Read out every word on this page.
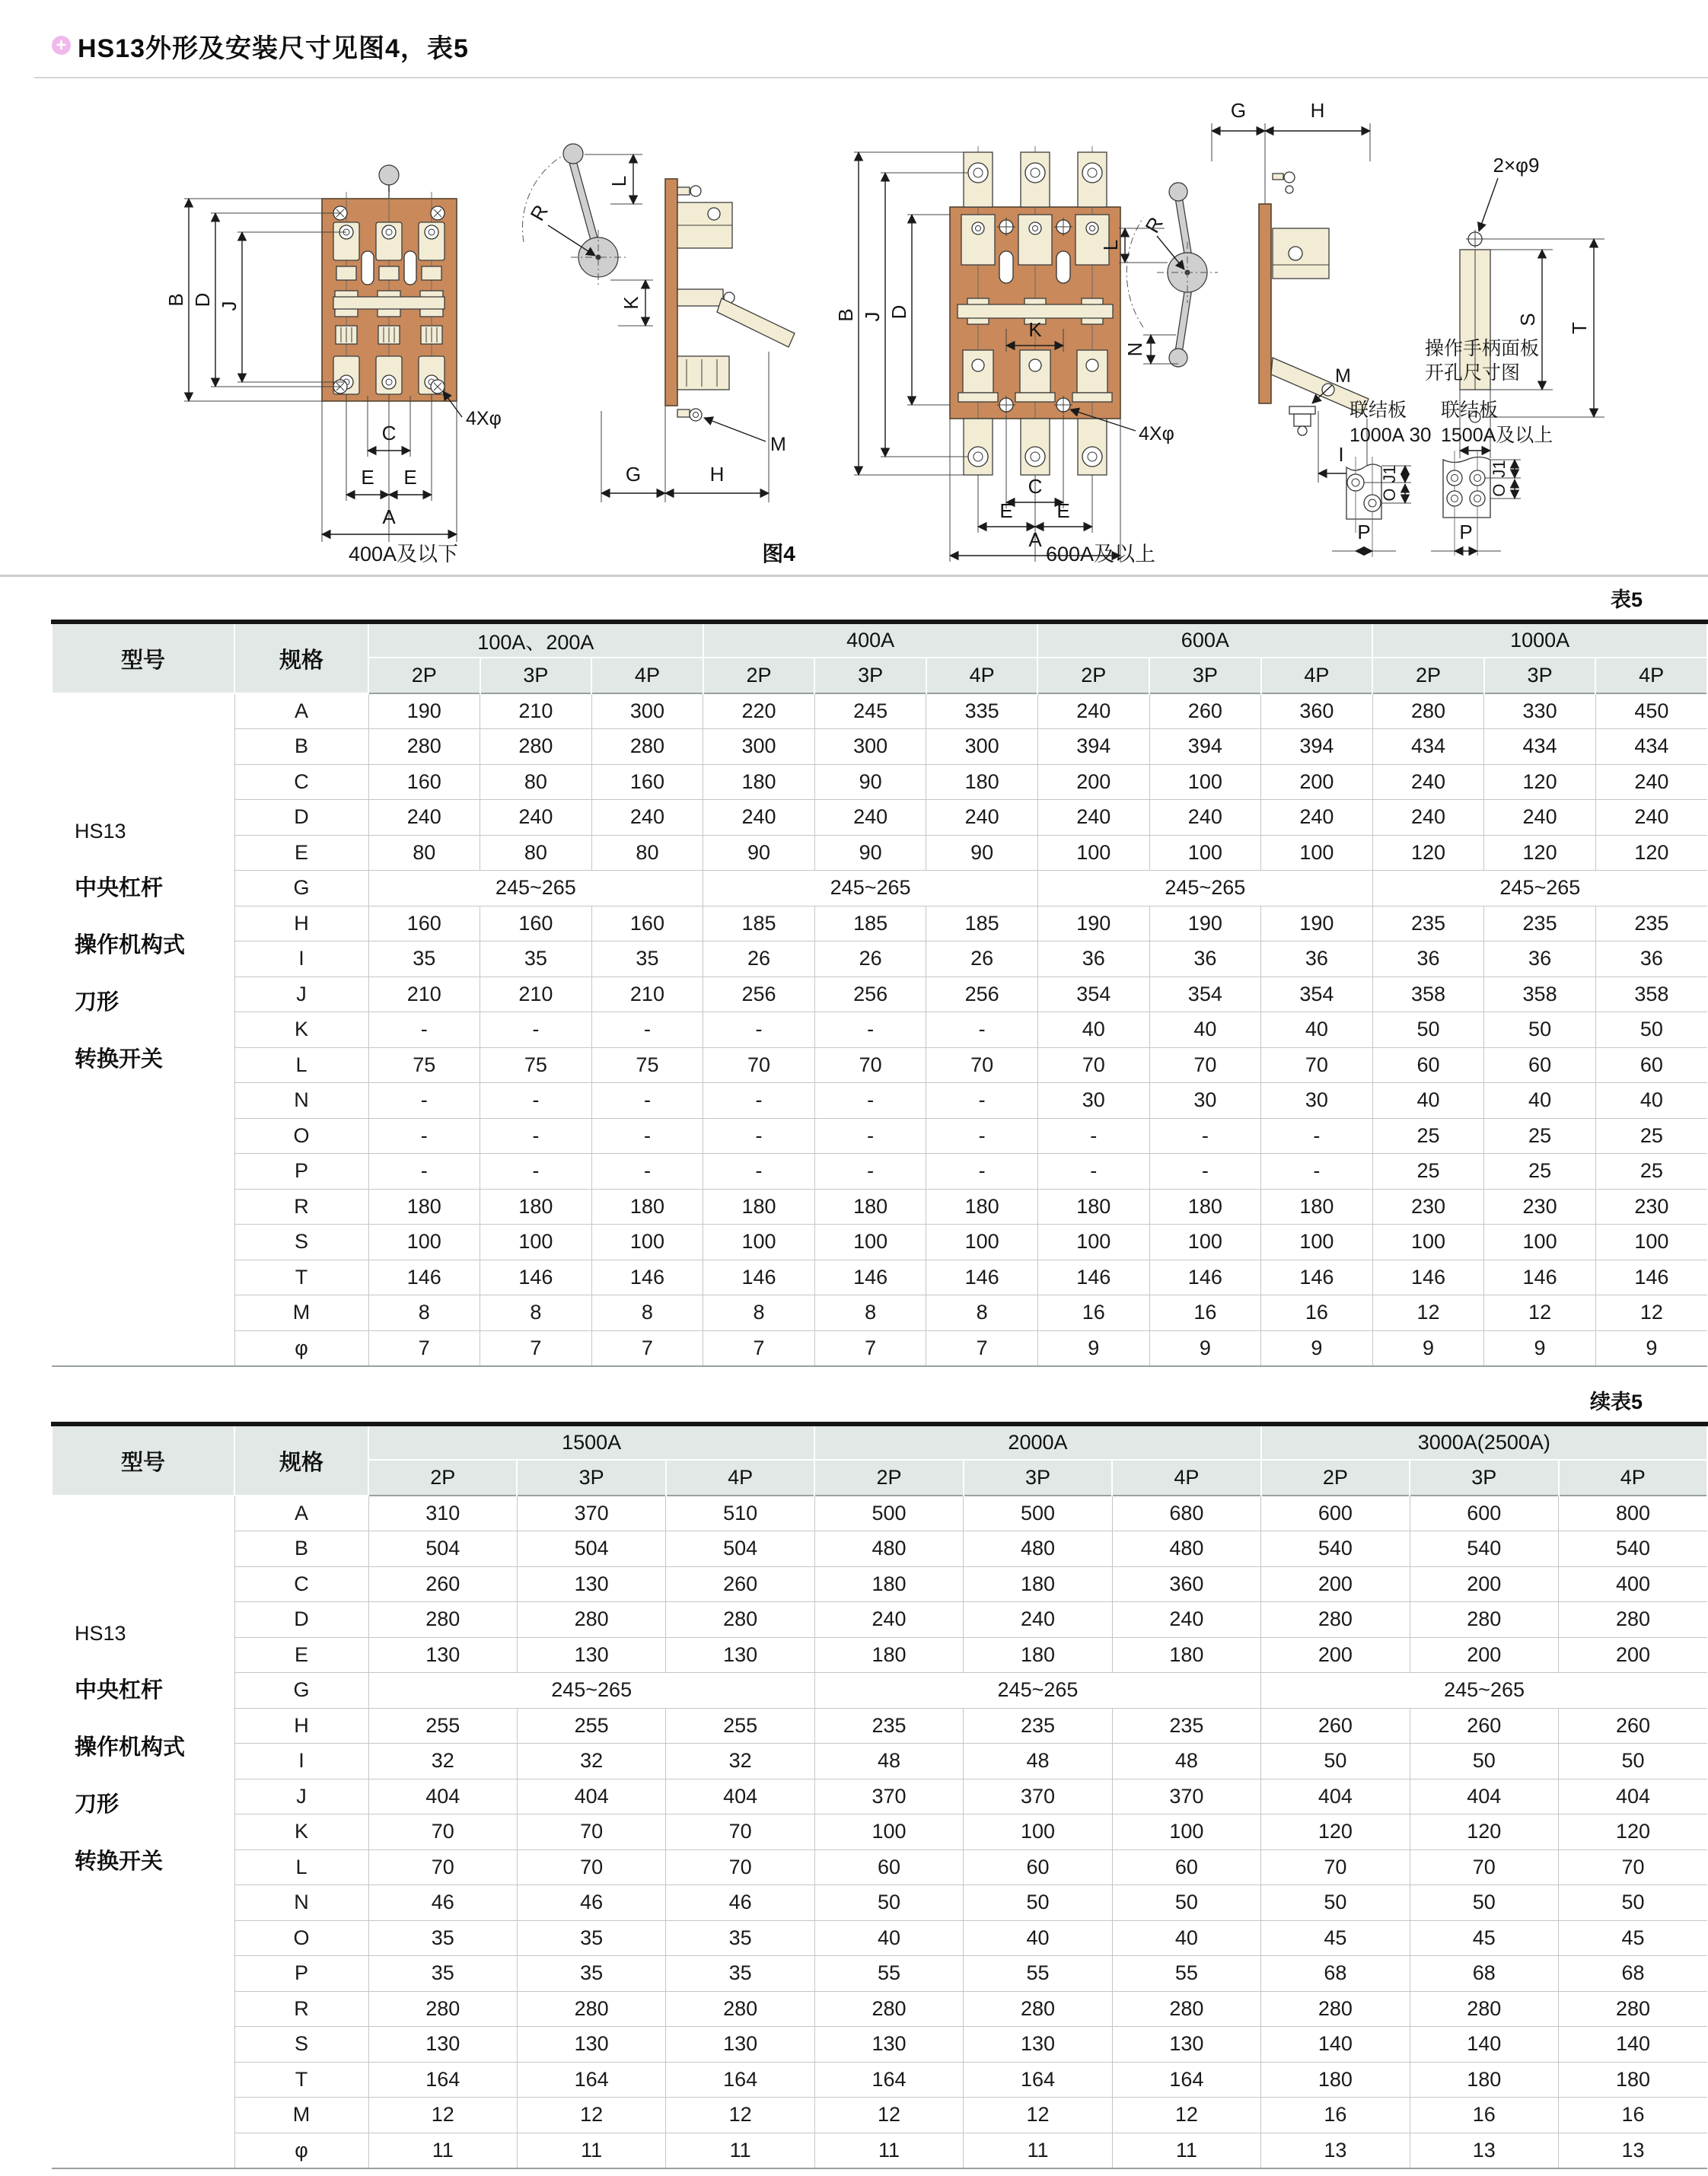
+ HS13外形及安装尺寸见图4，表5
B D J
C
E E
A
4Xφ
R
L
K
M
G	H
B J D
K
4Xφ
C
E E
A
G	H
R
L
N
M
I
2×φ9
S
T
30
操作手柄面板
开孔尺寸图
联结板
1000A
J1
O
P
联结板
1500A及以上
J1
O
P
400A及以下	图4	600A及以上
表5
型号	规格	100A、200A			400A			600A			1000A		
		2P	3P	4P	2P	3P	4P	2P	3P	4P	2P	3P	4P

HS13
中央杠杆
操作机构式
刀形
转换开关	A	190	210	300	220	245	335	240	260	360	280	330	450
	B	280	280	280	300	300	300	394	394	394	434	434	434
	C	160	80	160	180	90	180	200	100	200	240	120	240
	D	240	240	240	240	240	240	240	240	240	240	240	240
	E	80	80	80	90	90	90	100	100	100	120	120	120
	G	245~265			245~265			245~265			245~265		
	H	160	160	160	185	185	185	190	190	190	235	235	235
	I	35	35	35	26	26	26	36	36	36	36	36	36
	J	210	210	210	256	256	256	354	354	354	358	358	358
	K	-	-	-	-	-	-	40	40	40	50	50	50
	L	75	75	75	70	70	70	70	70	70	60	60	60
	N	-	-	-	-	-	-	30	30	30	40	40	40
	O	-	-	-	-	-	-	-	-	-	25	25	25
	P	-	-	-	-	-	-	-	-	-	25	25	25
	R	180	180	180	180	180	180	180	180	180	230	230	230
	S	100	100	100	100	100	100	100	100	100	100	100	100
	T	146	146	146	146	146	146	146	146	146	146	146	146
	M	8	8	8	8	8	8	16	16	16	12	12	12
	φ	7	7	7	7	7	7	9	9	9	9	9	9
续表5
型号	规格	1500A			2000A			3000A(2500A)		
		2P	3P	4P	2P	3P	4P	2P	3P	4P

HS13
中央杠杆
操作机构式
刀形
转换开关	A	310	370	510	500	500	680	600	600	800
	B	504	504	504	480	480	480	540	540	540
	C	260	130	260	180	180	360	200	200	400
	D	280	280	280	240	240	240	280	280	280
	E	130	130	130	180	180	180	200	200	200
	G	245~265			245~265			245~265		
	H	255	255	255	235	235	235	260	260	260
	I	32	32	32	48	48	48	50	50	50
	J	404	404	404	370	370	370	404	404	404
	K	70	70	70	100	100	100	120	120	120
	L	70	70	70	60	60	60	70	70	70
	N	46	46	46	50	50	50	50	50	50
	O	35	35	35	40	40	40	45	45	45
	P	35	35	35	55	55	55	68	68	68
	R	280	280	280	280	280	280	280	280	280
	S	130	130	130	130	130	130	140	140	140
	T	164	164	164	164	164	164	180	180	180
	M	12	12	12	12	12	12	16	16	16
	φ	11	11	11	11	11	11	13	13	13
